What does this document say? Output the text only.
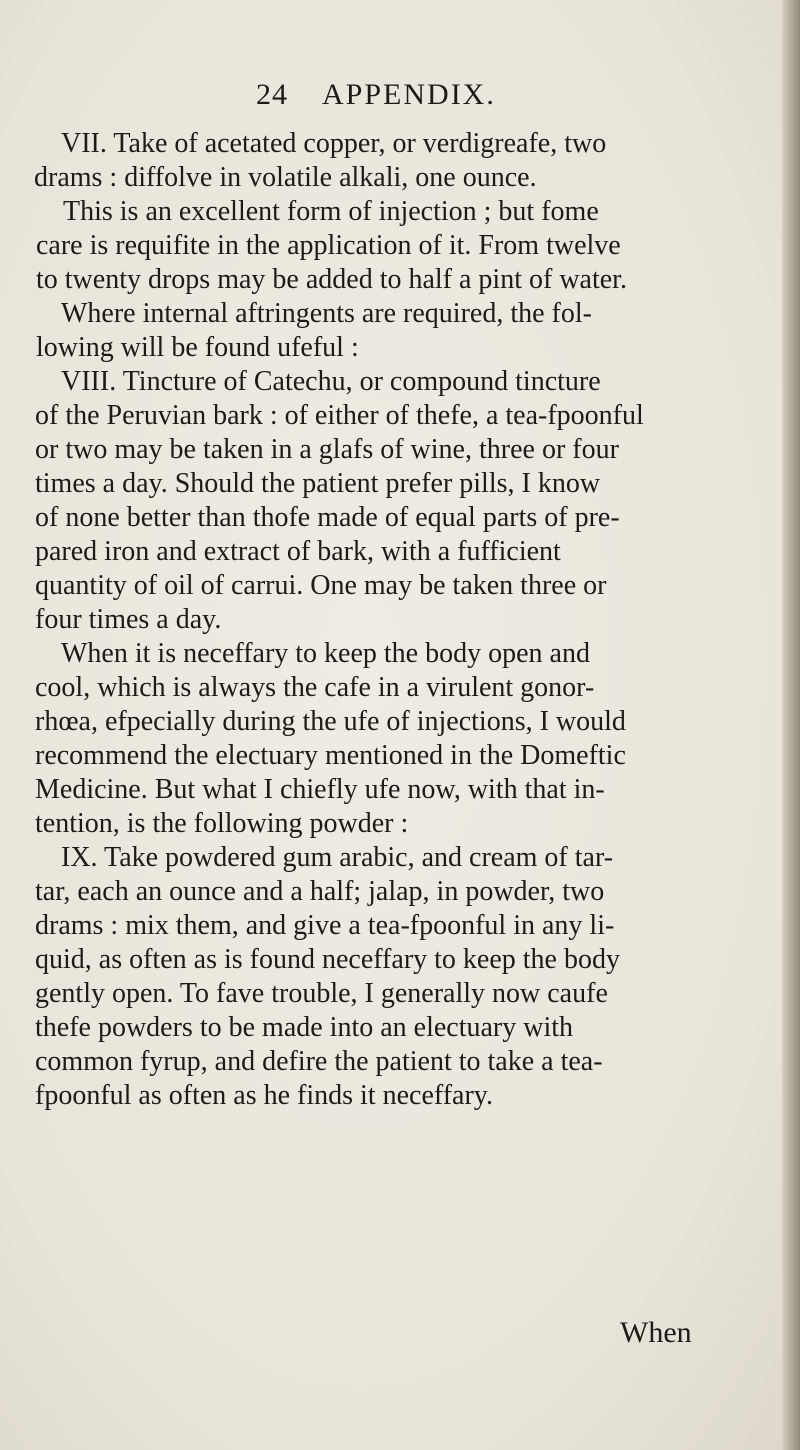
24 APPENDIX.
VII. Take of acetated copper, or verdigreafe, two
drams : diffolve in volatile alkali, one ounce.
This is an excellent form of injection ; but fome
care is requifite in the application of it. From twelve
to twenty drops may be added to half a pint of water.
Where internal aftringents are required, the fol-
lowing will be found ufeful :
VIII. Tincture of Catechu, or compound tincture
of the Peruvian bark : of either of thefe, a tea-fpoonful
or two may be taken in a glafs of wine, three or four
times a day. Should the patient prefer pills, I know
of none better than thofe made of equal parts of pre-
pared iron and extract of bark, with a fufficient
quantity of oil of carrui. One may be taken three or
four times a day.
When it is neceffary to keep the body open and
cool, which is always the cafe in a virulent gonor-
rhœa, efpecially during the ufe of injections, I would
recommend the electuary mentioned in the Domeftic
Medicine. But what I chiefly ufe now, with that in-
tention, is the following powder :
IX. Take powdered gum arabic, and cream of tar-
tar, each an ounce and a half; jalap, in powder, two
drams : mix them, and give a tea-fpoonful in any li-
quid, as often as is found neceffary to keep the body
gently open. To fave trouble, I generally now caufe
thefe powders to be made into an electuary with
common fyrup, and defire the patient to take a tea-
fpoonful as often as he finds it neceffary.
When
